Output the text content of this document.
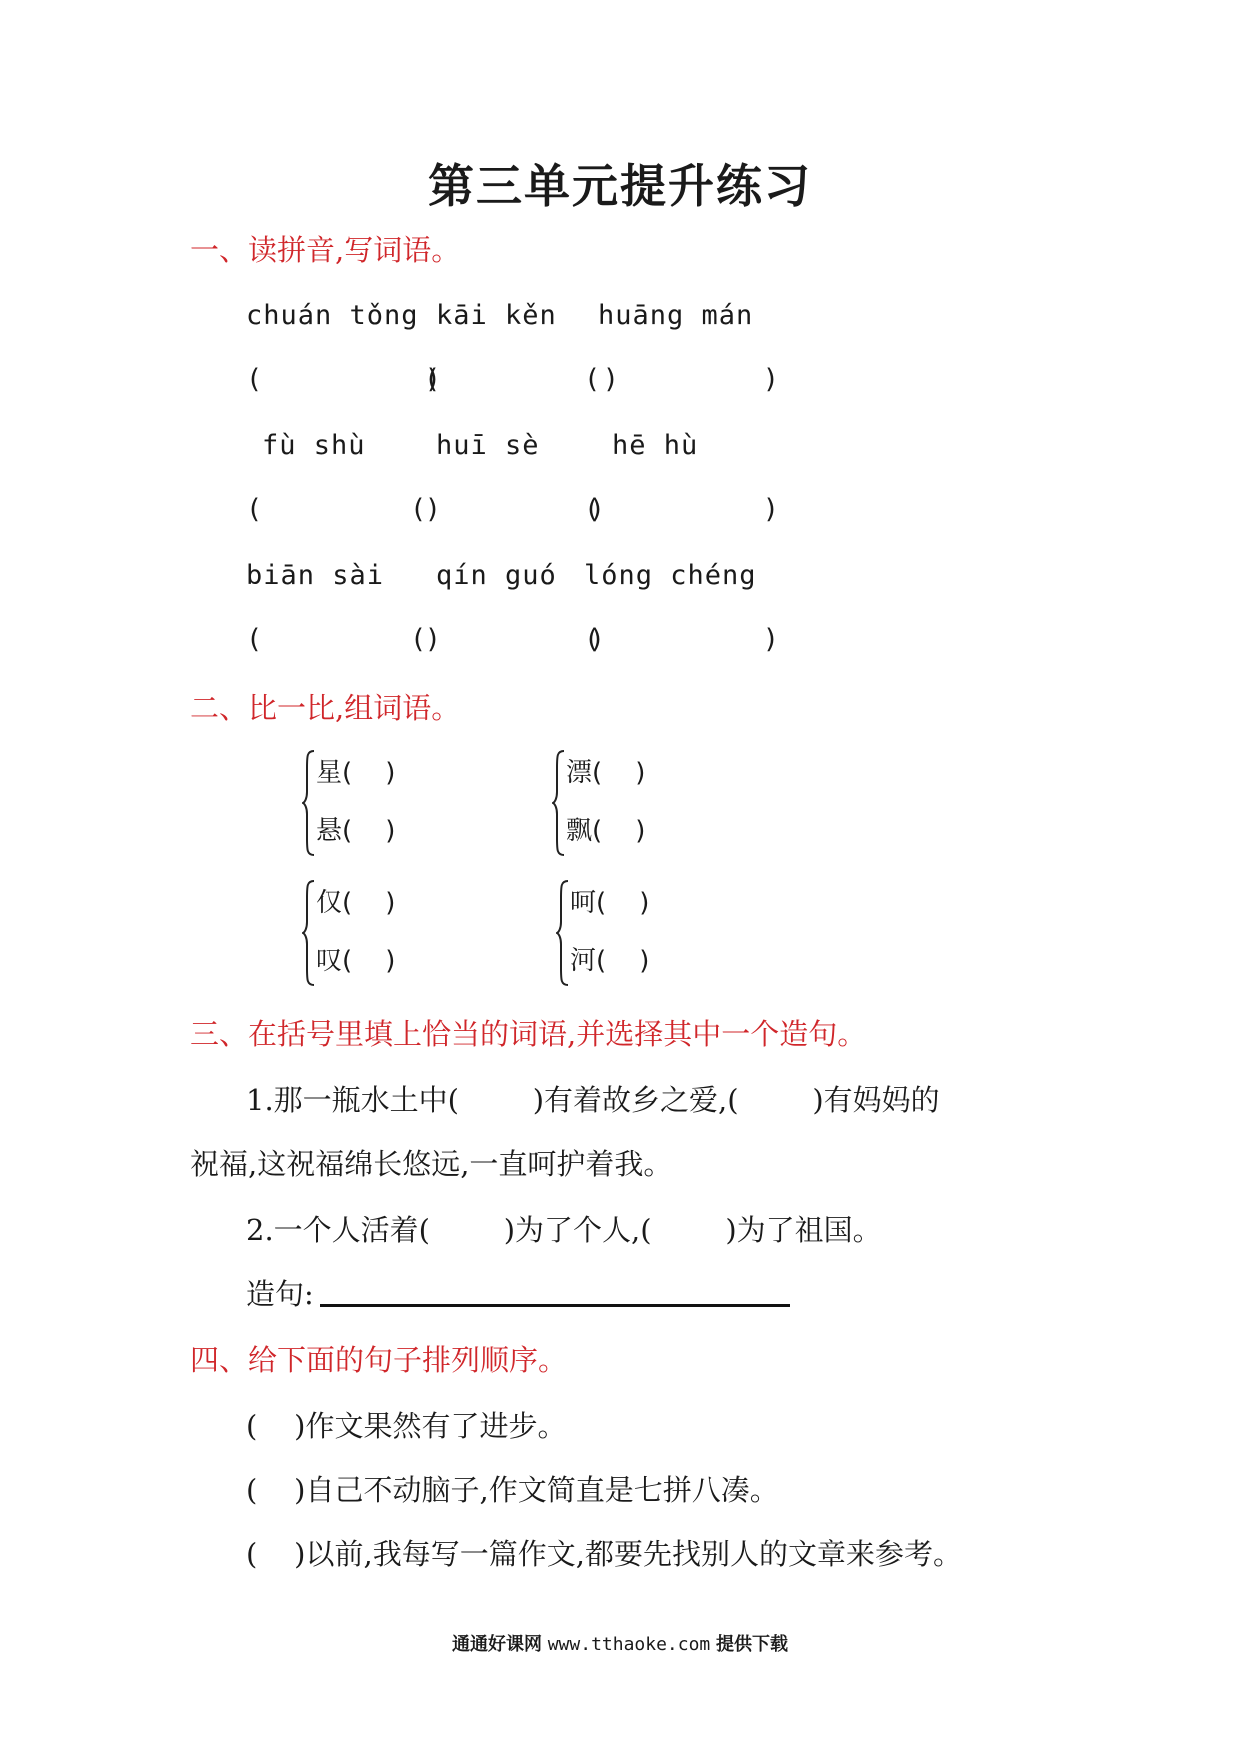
第三单元提升练习
一、读拼音,写词语。
chuán tǒng kāi kěn huāng mán
(          )
(          )
(          )
fù shù	huī sè	hē hù
(          )
(          )
(          )
biān sài qín guó lóng chéng
(          )
(          )
(          )
二、比一比,组词语。
星(    )
悬(    )
漂(    )
飘(    )
仅(    )
叹(    )
呵(    )
河(    )
三、在括号里填上恰当的词语,并选择其中一个造句。
1.那一瓶水土中(        )有着故乡之爱,(        )有妈妈的
祝福,这祝福绵长悠远,一直呵护着我。
2.一个人活着(        )为了个人,(        )为了祖国。
造句:
四、给下面的句子排列顺序。
(    )作文果然有了进步。
(    )自己不动脑子,作文简直是七拼八凑。
(    )以前,我每写一篇作文,都要先找别人的文章来参考。
通通好课网 www.tthaoke.com 提供下载
